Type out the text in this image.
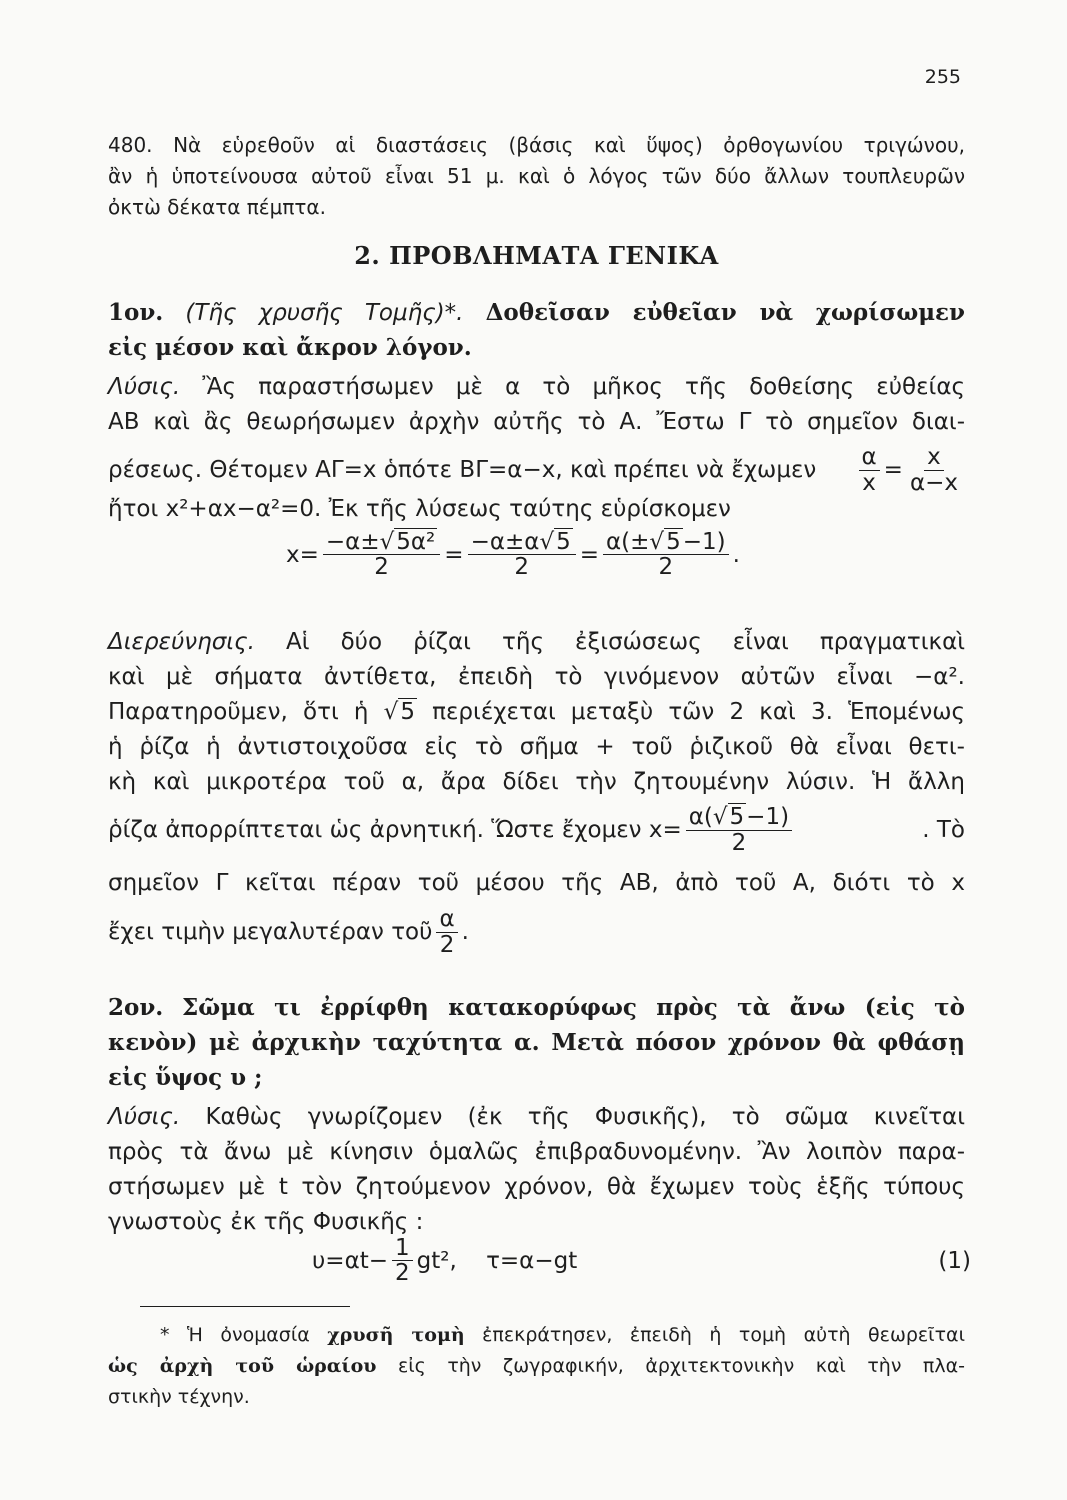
255
480. Νὰ εὑρεθοῦν αἱ διαστάσεις (βάσις καὶ ὕψος) ὀρθογωνίου τριγώνου,
ἂν ἡ ὑποτείνουσα αὐτοῦ εἶναι 51 μ. καὶ ὁ λόγος τῶν δύο ἄλλων τουπλευρῶν
ὀκτὼ δέκατα πέμπτα.
2. ΠΡΟΒΛΗΜΑΤΑ ΓΕΝΙΚΑ
1ον. (Τῆς χρυσῆς Τομῆς)*. Δοθεῖσαν εὐθεῖαν νὰ χωρίσωμεν
εἰς μέσον καὶ ἄκρον λόγον.
Λύσις. Ἂς παραστήσωμεν μὲ α τὸ μῆκος τῆς δοθείσης εὐθείας
ΑΒ καὶ ἂς θεωρήσωμεν ἀρχὴν αὐτῆς τὸ Α. Ἔστω Γ τὸ σημεῖον διαι-
ρέσεως. Θέτομεν ΑΓ=x ὁπότε ΒΓ=α−x, καὶ πρέπει νὰ ἔχωμεν $\frac{\alpha}{x} = \frac{x}{\alpha-x}$
ἤτοι x²+αx−α²=0. Ἐκ τῆς λύσεως ταύτης εὑρίσκομεν
$x= \frac{\text{−α±√5α²}}{2} = \frac{-\alpha\pm\alpha√5}{2} = \frac{\alpha(\pm√5-1)}{2}$ .
Διερεύνησις. Αἱ δύο ῥίζαι τῆς ἐξισώσεως εἶναι πραγματικαὶ
καὶ μὲ σήματα ἀντίθετα, ἐπειδὴ τὸ γινόμενον αὐτῶν εἶναι −α².
Παρατηροῦμεν, ὅτι ἡ √5 περιέχεται μεταξὺ τῶν 2 καὶ 3. Ἑπομένως
ἡ ῥίζα ἡ ἀντιστοιχοῦσα εἰς τὸ σῆμα + τοῦ ῥιζικοῦ θὰ εἶναι θετι-
κὴ καὶ μικροτέρα τοῦ α, ἄρα δίδει τὴν ζητουμένην λύσιν. Ἡ ἄλλη
ῥίζα ἀπορρίπτεται ὡς ἀρνητική. Ὥστε ἔχομεν $x= \frac{\alpha(√5-1)}{2}$	. Τὸ
σημεῖον Γ κεῖται πέραν τοῦ μέσου τῆς ΑΒ, ἀπὸ τοῦ Α, διότι τὸ x
ἔχει τιμὴν μεγαλυτέραν τοῦ $\frac{\alpha}{2}$ .
2ον. Σῶμα τι ἐρρίφθη κατακορύφως πρὸς τὰ ἄνω (εἰς τὸ
κενὸν) μὲ ἀρχικὴν ταχύτητα α. Μετὰ πόσον χρόνον θὰ φθάσῃ
εἰς ὕψος υ ;
Λύσις. Καθὼς γνωρίζομεν (ἐκ τῆς Φυσικῆς), τὸ σῶμα κινεῖται
πρὸς τὰ ἄνω μὲ κίνησιν ὁμαλῶς ἐπιβραδυνομένην. Ἂν λοιπὸν παρα-
στήσωμεν μὲ t τὸν ζητούμενον χρόνον, θὰ ἔχωμεν τοὺς ἑξῆς τύπους
γνωστοὺς ἐκ τῆς Φυσικῆς :
$\upsilon=\alpha t- \frac{1}{2} gt^2$,    τ=α−gt	(1)
* Ἡ ὀνομασία χρυσῆ τομὴ ἐπεκράτησεν, ἐπειδὴ ἡ τομὴ αὐτὴ θεωρεῖται
ὡς ἀρχὴ τοῦ ὡραίου εἰς τὴν ζωγραφικήν, ἀρχιτεκτονικὴν καὶ τὴν πλα-
στικὴν τέχνην.
